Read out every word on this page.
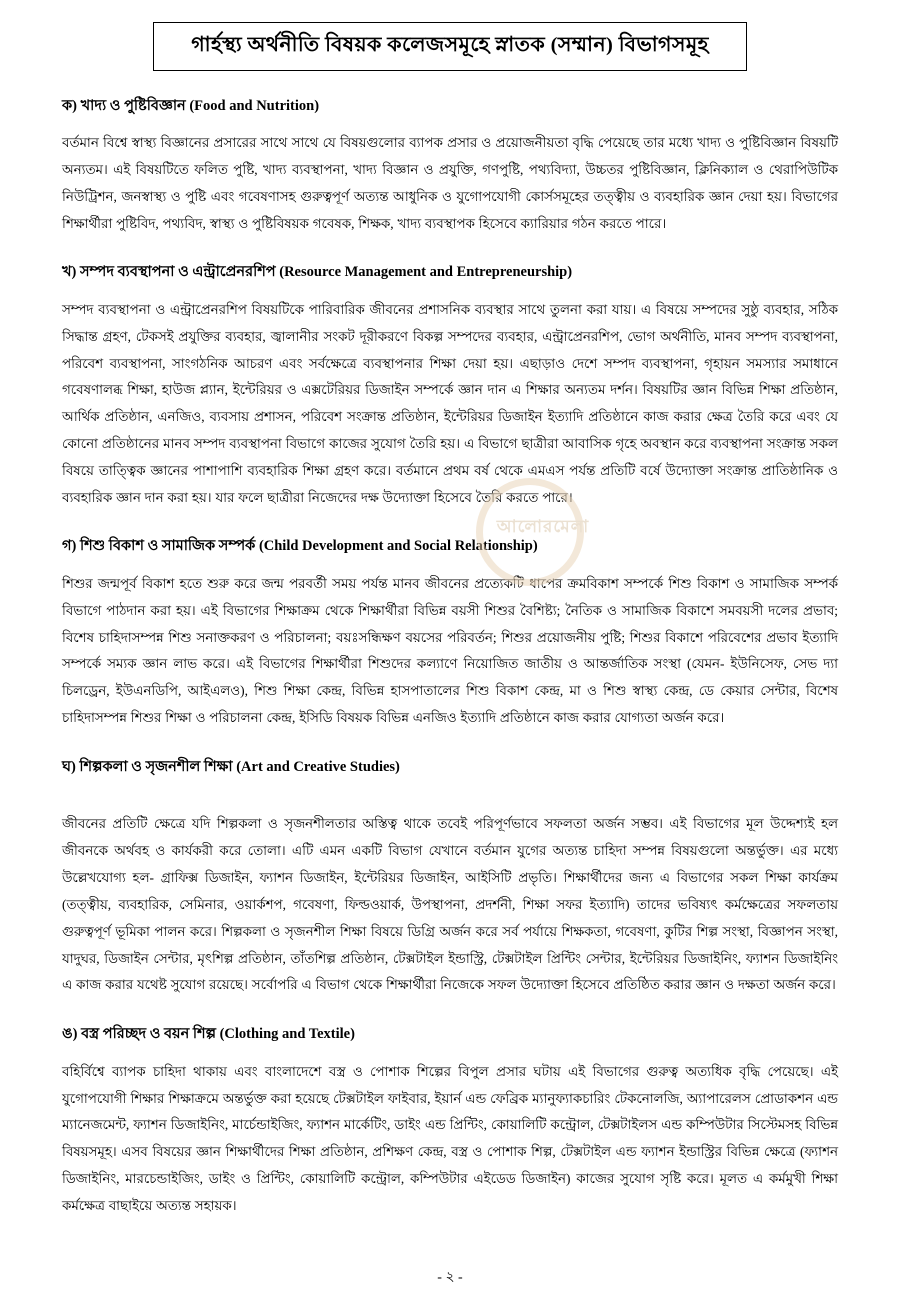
গার্হস্থ্য অর্থনীতি বিষয়ক কলেজসমূহে স্নাতক (সম্মান) বিভাগসমূহ
আলোরমেলা
ক) খাদ্য ও পুষ্টিবিজ্ঞান (Food and Nutrition)
বর্তমান বিশ্বে স্বাস্থ্য বিজ্ঞানের প্রসারের সাথে সাথে যে বিষয়গুলোর ব্যাপক প্রসার ও প্রয়োজনীয়তা বৃদ্ধি পেয়েছে তার মধ্যে খাদ্য ও পুষ্টিবিজ্ঞান বিষয়টি অন্যতম। এই বিষয়টিতে ফলিত পুষ্টি, খাদ্য ব্যবস্থাপনা, খাদ্য বিজ্ঞান ও প্রযুক্তি, গণপুষ্টি, পথ্যবিদ্যা, উচ্চতর পুষ্টিবিজ্ঞান, ক্লিনিক্যাল ও থেরাপিউটিক নিউট্রিশন, জনস্বাস্থ্য ও পুষ্টি এবং গবেষণাসহ গুরুত্বপূর্ণ অত্যন্ত আধুনিক ও যুগোপযোগী কোর্সসমূহের তত্ত্বীয় ও ব্যবহারিক জ্ঞান দেয়া হয়। বিভাগের শিক্ষার্থীরা পুষ্টিবিদ, পথ্যবিদ, স্বাস্থ্য ও পুষ্টিবিষয়ক গবেষক, শিক্ষক, খাদ্য ব্যবস্থাপক হিসেবে ক্যারিয়ার গঠন করতে পারে।
খ) সম্পদ ব্যবস্থাপনা ও এন্ট্রাপ্রেনরশিপ (Resource Management and Entrepreneurship)
সম্পদ ব্যবস্থাপনা ও এন্ট্রাপ্রেনরশিপ বিষয়টিকে পারিবারিক জীবনের প্রশাসনিক ব্যবস্থার সাথে তুলনা করা যায়। এ বিষয়ে সম্পদের সুষ্ঠু ব্যবহার, সঠিক সিদ্ধান্ত গ্রহণ, টেকসই প্রযুক্তির ব্যবহার, জ্বালানীর সংকট দূরীকরণে বিকল্প সম্পদের ব্যবহার, এন্ট্রাপ্রেনরশিপ, ভোগ অর্থনীতি, মানব সম্পদ ব্যবস্থাপনা, পরিবেশ ব্যবস্থাপনা, সাংগঠনিক আচরণ এবং সর্বক্ষেত্রে ব্যবস্থাপনার শিক্ষা দেয়া হয়। এছাড়াও দেশে সম্পদ ব্যবস্থাপনা, গৃহায়ন সমস্যার সমাধানে গবেষণালব্ধ শিক্ষা, হাউজ প্ল্যান, ইন্টেরিয়র ও এক্সটেরিয়র ডিজাইন সম্পর্কে জ্ঞান দান এ শিক্ষার অন্যতম দর্শন। বিষয়টির জ্ঞান বিভিন্ন শিক্ষা প্রতিষ্ঠান, আর্থিক প্রতিষ্ঠান, এনজিও, ব্যবসায় প্রশাসন, পরিবেশ সংক্রান্ত প্রতিষ্ঠান, ইন্টেরিয়র ডিজাইন ইত্যাদি প্রতিষ্ঠানে কাজ করার ক্ষেত্র তৈরি করে এবং যে কোনো প্রতিষ্ঠানের মানব সম্পদ ব্যবস্থাপনা বিভাগে কাজের সুযোগ তৈরি হয়। এ বিভাগে ছাত্রীরা আবাসিক গৃহে অবস্থান করে ব্যবস্থাপনা সংক্রান্ত সকল বিষয়ে তাত্ত্বিক জ্ঞানের পাশাপাশি ব্যবহারিক শিক্ষা গ্রহণ করে। বর্তমানে প্রথম বর্ষ থেকে এমএস পর্যন্ত প্রতিটি বর্ষে উদ্যোক্তা সংক্রান্ত প্রাতিষ্ঠানিক ও ব্যবহারিক জ্ঞান দান করা হয়। যার ফলে ছাত্রীরা নিজেদের দক্ষ উদ্যোক্তা হিসেবে তৈরি করতে পারে।
গ) শিশু বিকাশ ও সামাজিক সম্পর্ক (Child Development and Social Relationship)
শিশুর জন্মপূর্ব বিকাশ হতে শুরু করে জন্ম পরবর্তী সময় পর্যন্ত মানব জীবনের প্রত্যেকটি ধাপের ক্রমবিকাশ সম্পর্কে শিশু বিকাশ ও সামাজিক সম্পর্ক বিভাগে পাঠদান করা হয়। এই বিভাগের শিক্ষাক্রম থেকে শিক্ষার্থীরা বিভিন্ন বয়সী শিশুর বৈশিষ্ট্য; নৈতিক ও সামাজিক বিকাশে সমবয়সী দলের প্রভাব; বিশেষ চাহিদাসম্পন্ন শিশু সনাক্তকরণ ও পরিচালনা; বয়ঃসন্ধিক্ষণ বয়সের পরিবর্তন; শিশুর প্রয়োজনীয় পুষ্টি; শিশুর বিকাশে পরিবেশের প্রভাব ইত্যাদি সম্পর্কে সম্যক জ্ঞান লাভ করে। এই বিভাগের শিক্ষার্থীরা শিশুদের কল্যাণে নিয়োজিত জাতীয় ও আন্তর্জাতিক সংস্থা (যেমন- ইউনিসেফ, সেভ দ্যা চিলড্রেন, ইউএনডিপি, আইএলও), শিশু শিক্ষা কেন্দ্র, বিভিন্ন হাসপাতালের শিশু বিকাশ কেন্দ্র, মা ও শিশু স্বাস্থ্য কেন্দ্র, ডে কেয়ার সেন্টার, বিশেষ চাহিদাসম্পন্ন শিশুর শিক্ষা ও পরিচালনা কেন্দ্র, ইসিডি বিষয়ক বিভিন্ন এনজিও ইত্যাদি প্রতিষ্ঠানে কাজ করার যোগ্যতা অর্জন করে।
ঘ) শিল্পকলা ও সৃজনশীল শিক্ষা (Art and Creative Studies)
জীবনের প্রতিটি ক্ষেত্রে যদি শিল্পকলা ও সৃজনশীলতার অস্তিত্ব থাকে তবেই পরিপূর্ণভাবে সফলতা অর্জন সম্ভব। এই বিভাগের মূল উদ্দেশ্যই হল জীবনকে অর্থবহ ও কার্যকরী করে তোলা। এটি এমন একটি বিভাগ যেখানে বর্তমান যুগের অত্যন্ত চাহিদা সম্পন্ন বিষয়গুলো অন্তর্ভুক্ত। এর মধ্যে উল্লেখযোগ্য হল- গ্রাফিক্স ডিজাইন, ফ্যাশন ডিজাইন, ইন্টেরিয়র ডিজাইন, আইসিটি প্রভৃতি। শিক্ষার্থীদের জন্য এ বিভাগের সকল শিক্ষা কার্যক্রম (তত্ত্বীয়, ব্যবহারিক, সেমিনার, ওয়ার্কশপ, গবেষণা, ফিল্ডওয়ার্ক, উপস্থাপনা, প্রদর্শনী, শিক্ষা সফর ইত্যাদি) তাদের ভবিষ্যৎ কর্মক্ষেত্রের সফলতায় গুরুত্বপূর্ণ ভূমিকা পালন করে। শিল্পকলা ও সৃজনশীল শিক্ষা বিষয়ে ডিগ্রি অর্জন করে সর্ব পর্যায়ে শিক্ষকতা, গবেষণা, কুটির শিল্প সংস্থা, বিজ্ঞাপন সংস্থা, যাদুঘর, ডিজাইন সেন্টার, মৃৎশিল্প প্রতিষ্ঠান, তাঁতশিল্প প্রতিষ্ঠান, টেক্সটাইল ইন্ডাস্ট্রি, টেক্সটাইল প্রিন্টিং সেন্টার, ইন্টেরিয়র ডিজাইনিং, ফ্যাশন ডিজাইনিং এ কাজ করার যথেষ্ট সুযোগ রয়েছে। সর্বোপরি এ বিভাগ থেকে শিক্ষার্থীরা নিজেকে সফল উদ্যোক্তা হিসেবে প্রতিষ্ঠিত করার জ্ঞান ও দক্ষতা অর্জন করে।
ঙ) বস্ত্র পরিচ্ছদ ও বয়ন শিল্প (Clothing and Textile)
বহির্বিশ্বে ব্যাপক চাহিদা থাকায় এবং বাংলাদেশে বস্ত্র ও পোশাক শিল্পের বিপুল প্রসার ঘটায় এই বিভাগের গুরুত্ব অত্যধিক বৃদ্ধি পেয়েছে। এই যুগোপযোগী শিক্ষার শিক্ষাক্রমে অন্তর্ভুক্ত করা হয়েছে টেক্সটাইল ফাইবার, ইয়ার্ন এন্ড ফেব্রিক ম্যানুফ্যাকচারিং টেকনোলজি, অ্যাপারেলস প্রোডাকশন এন্ড ম্যানেজমেন্ট, ফ্যাশন ডিজাইনিং, মার্চেন্ডাইজিং, ফ্যাশন মার্কেটিং, ডাইং এন্ড প্রিন্টিং, কোয়ালিটি কন্ট্রোল, টেক্সটাইলস এন্ড কম্পিউটার সিস্টেমসহ বিভিন্ন বিষয়সমূহ। এসব বিষয়ের জ্ঞান শিক্ষার্থীদের শিক্ষা প্রতিষ্ঠান, প্রশিক্ষণ কেন্দ্র, বস্ত্র ও পোশাক শিল্প, টেক্সটাইল এন্ড ফ্যাশন ইন্ডাস্ট্রির বিভিন্ন ক্ষেত্রে (ফ্যাশন ডিজাইনিং, মারচেন্ডাইজিং, ডাইং ও প্রিন্টিং, কোয়ালিটি কন্ট্রোল, কম্পিউটার এইডেড ডিজাইন) কাজের সুযোগ সৃষ্টি করে। মূলত এ কর্মমুখী শিক্ষা কর্মক্ষেত্র বাছাইয়ে অত্যন্ত সহায়ক।
- ২ -
